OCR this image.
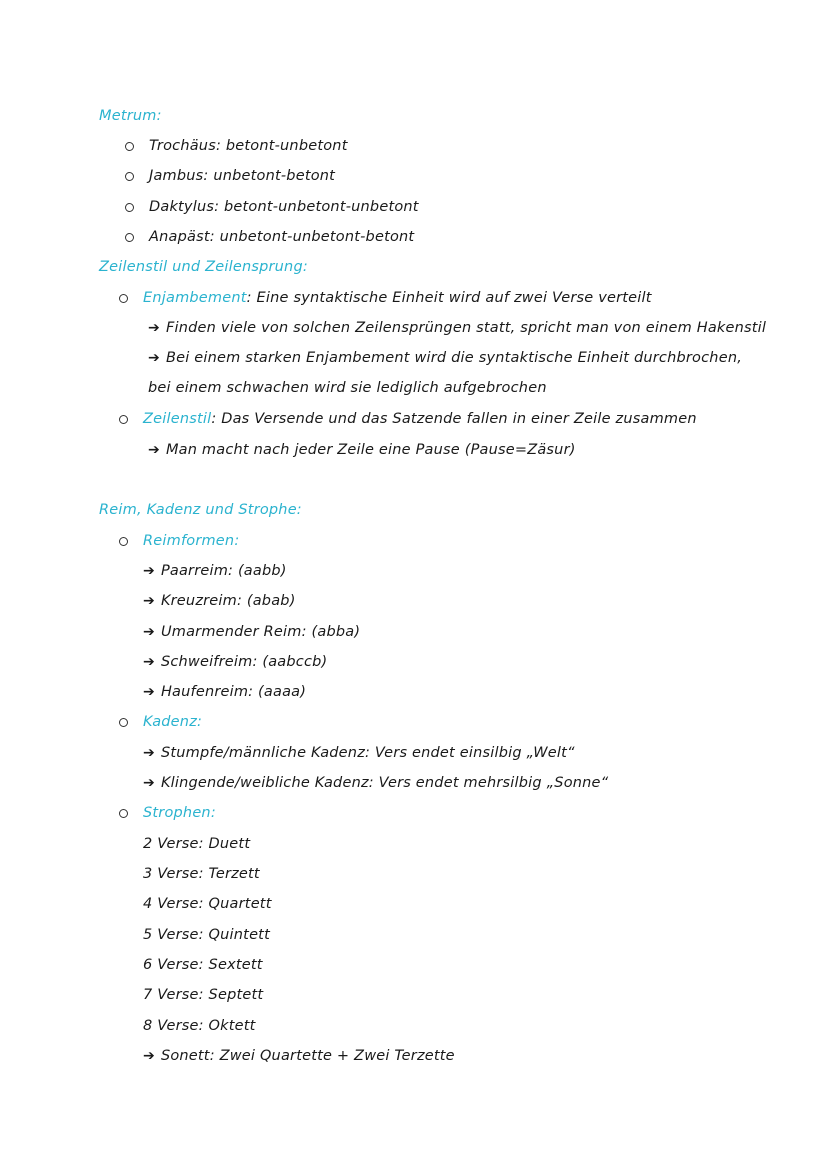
Metrum:
Trochäus: betont-unbetont
Jambus: unbetont-betont
Daktylus: betont-unbetont-unbetont
Anapäst: unbetont-unbetont-betont
Zeilenstil und Zeilensprung:
Enjambement: Eine syntaktische Einheit wird auf zwei Verse verteilt
➔ Finden viele von solchen Zeilensprüngen statt, spricht man von einem Hakenstil
➔ Bei einem starken Enjambement wird die syntaktische Einheit durchbrochen,
bei einem schwachen wird sie lediglich aufgebrochen
Zeilenstil: Das Versende und das Satzende fallen in einer Zeile zusammen
➔ Man macht nach jeder Zeile eine Pause (Pause=Zäsur)
Reim, Kadenz und Strophe:
Reimformen:
➔ Paarreim: (aabb)
➔ Kreuzreim: (abab)
➔ Umarmender Reim: (abba)
➔ Schweifreim: (aabccb)
➔ Haufenreim: (aaaa)
Kadenz:
➔ Stumpfe/männliche Kadenz: Vers endet einsilbig „Welt“
➔ Klingende/weibliche Kadenz: Vers endet mehrsilbig „Sonne“
Strophen:
2 Verse: Duett
3 Verse: Terzett
4 Verse: Quartett
5 Verse: Quintett
6 Verse: Sextett
7 Verse: Septett
8 Verse: Oktett
➔ Sonett: Zwei Quartette + Zwei Terzette
